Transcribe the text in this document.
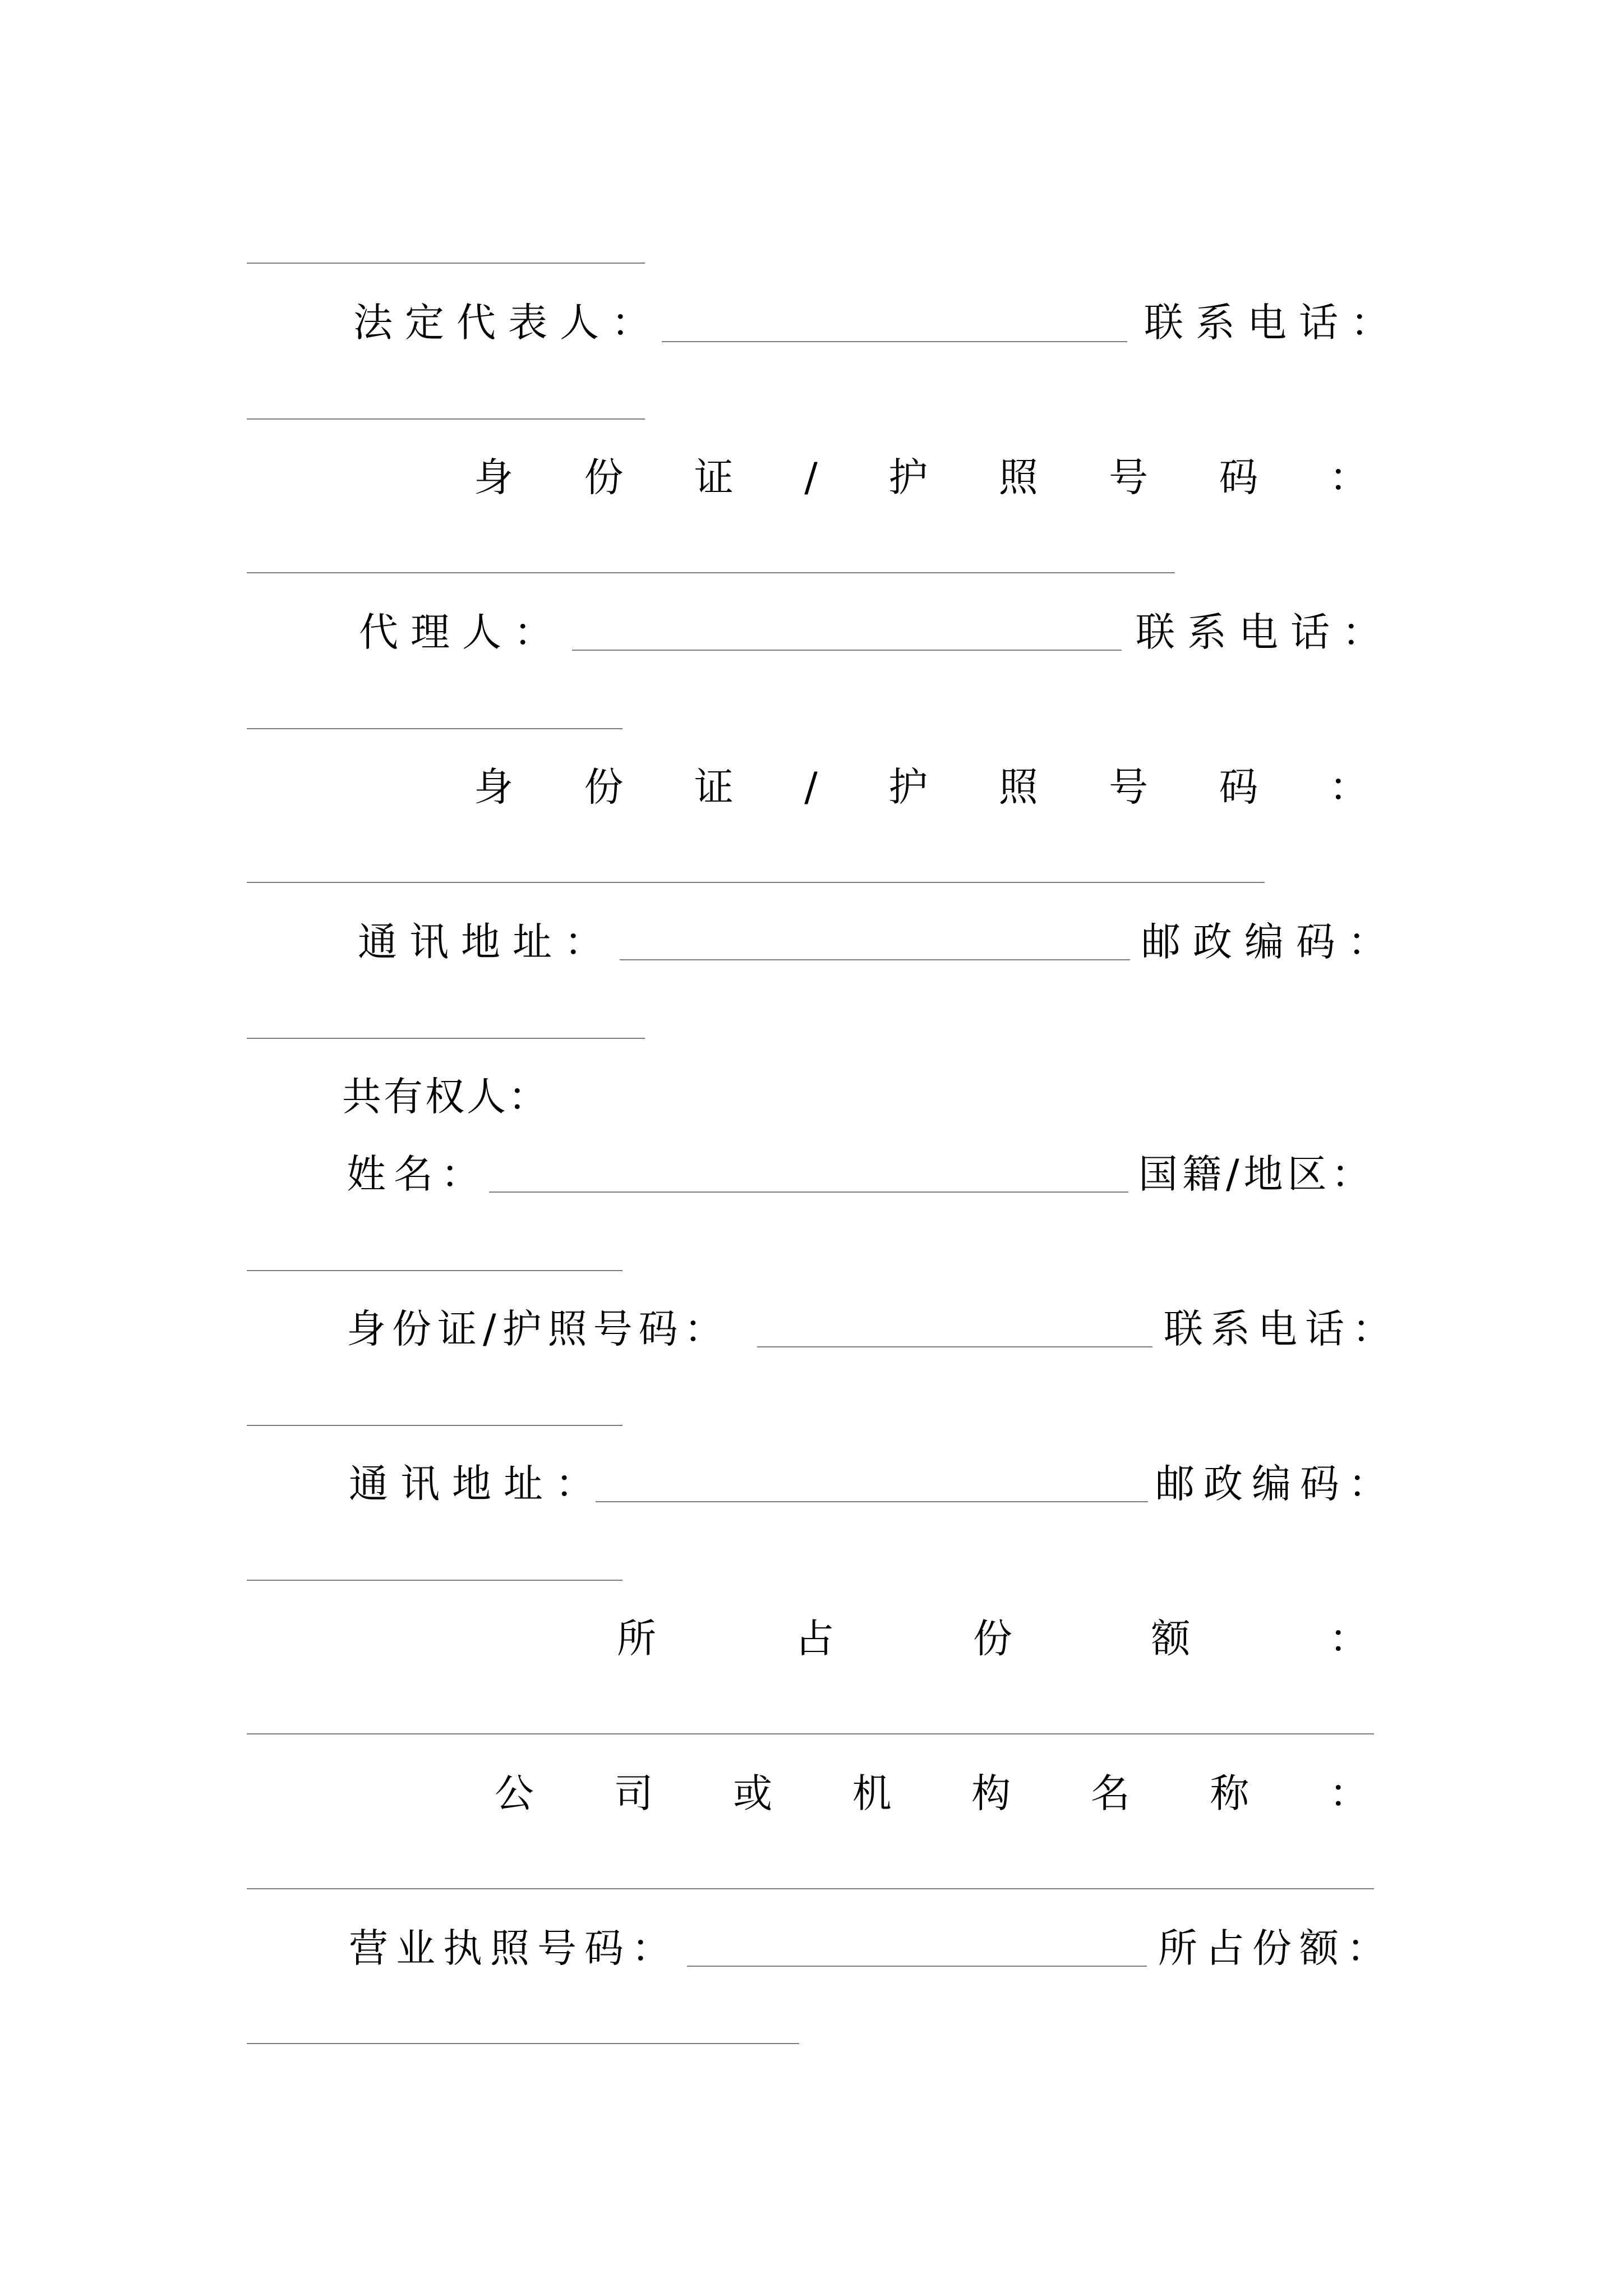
法定代表人：	联系电话：
身 份 证 / 护 照 号 码 ：
代理人：	联系电话：
身 份 证 / 护 照 号 码 ：
通讯地址：	邮政编码：
共有权人：
姓名：	国籍/地区：
身份证/护照号码：	联系电话：
通讯地址：	邮政编码：
所	占	份	额	：
公 司 或 机 构 名 称 ：
营业执照号码：	所占份额：
